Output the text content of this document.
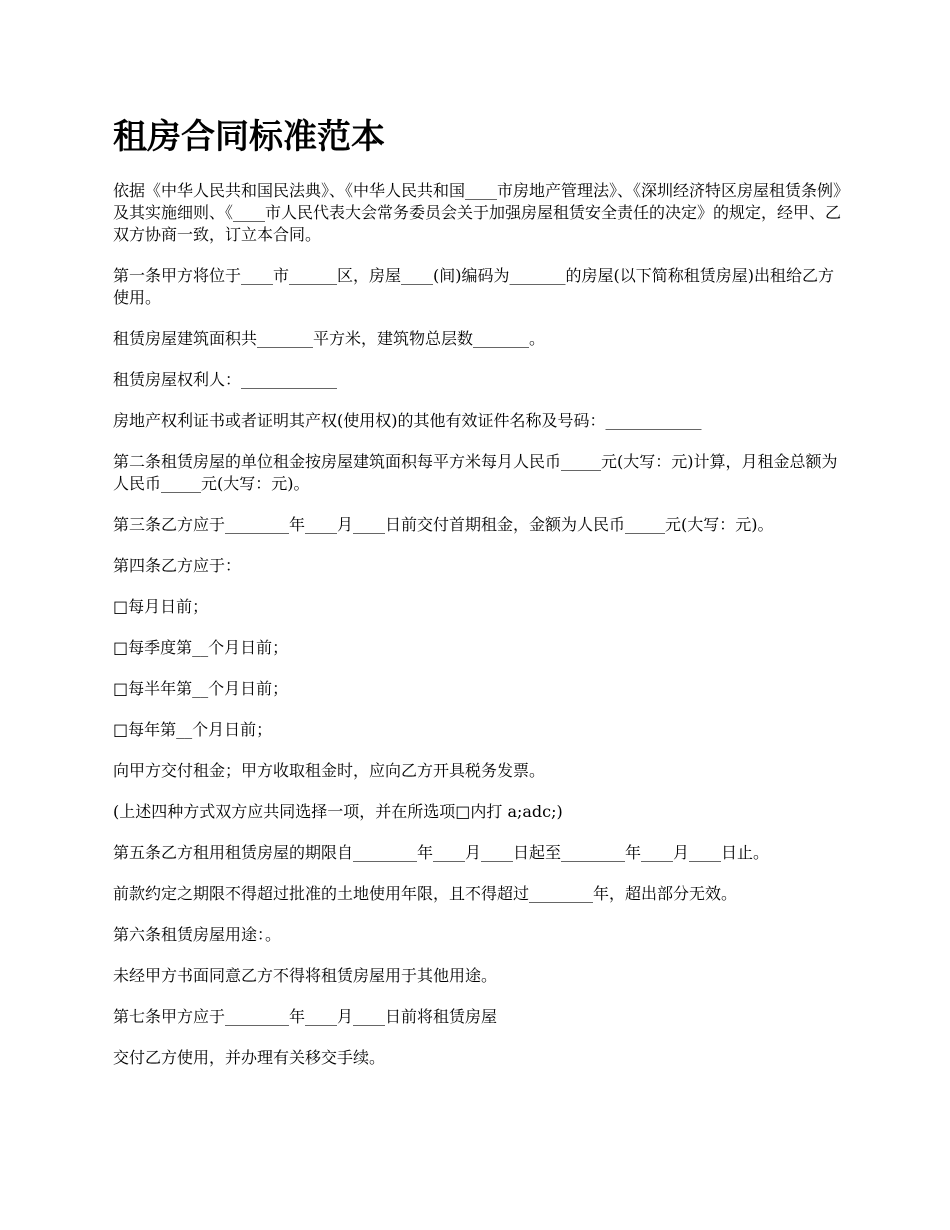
租房合同标准范本

依据《中华人民共和国民法典》、《中华人民共和国____市房地产管理法》、《深圳经济特区房屋租赁条例》及其实施细则、《____市人民代表大会常务委员会关于加强房屋租赁安全责任的决定》的规定，经甲、乙双方协商一致，订立本合同。

第一条甲方将位于____市______区，房屋____(间)编码为_______的房屋(以下简称租赁房屋)出租给乙方使用。

租赁房屋建筑面积共_______平方米，建筑物总层数_______。

租赁房屋权利人：____________

房地产权利证书或者证明其产权(使用权)的其他有效证件名称及号码：____________

第二条租赁房屋的单位租金按房屋建筑面积每平方米每月人民币_____元(大写：元)计算，月租金总额为人民币_____元(大写：元)。

第三条乙方应于________年____月____日前交付首期租金，金额为人民币_____元(大写：元)。

第四条乙方应于：

□每月日前；

□每季度第__个月日前；

□每半年第__个月日前；

□每年第__个月日前；

向甲方交付租金；甲方收取租金时，应向乙方开具税务发票。

(上述四种方式双方应共同选择一项，并在所选项□内打 a;adc;)

第五条乙方租用租赁房屋的期限自________年____月____日起至________年____月____日止。

前款约定之期限不得超过批准的土地使用年限，且不得超过________年，超出部分无效。

第六条租赁房屋用途：。

未经甲方书面同意乙方不得将租赁房屋用于其他用途。

第七条甲方应于________年____月____日前将租赁房屋

交付乙方使用，并办理有关移交手续。
